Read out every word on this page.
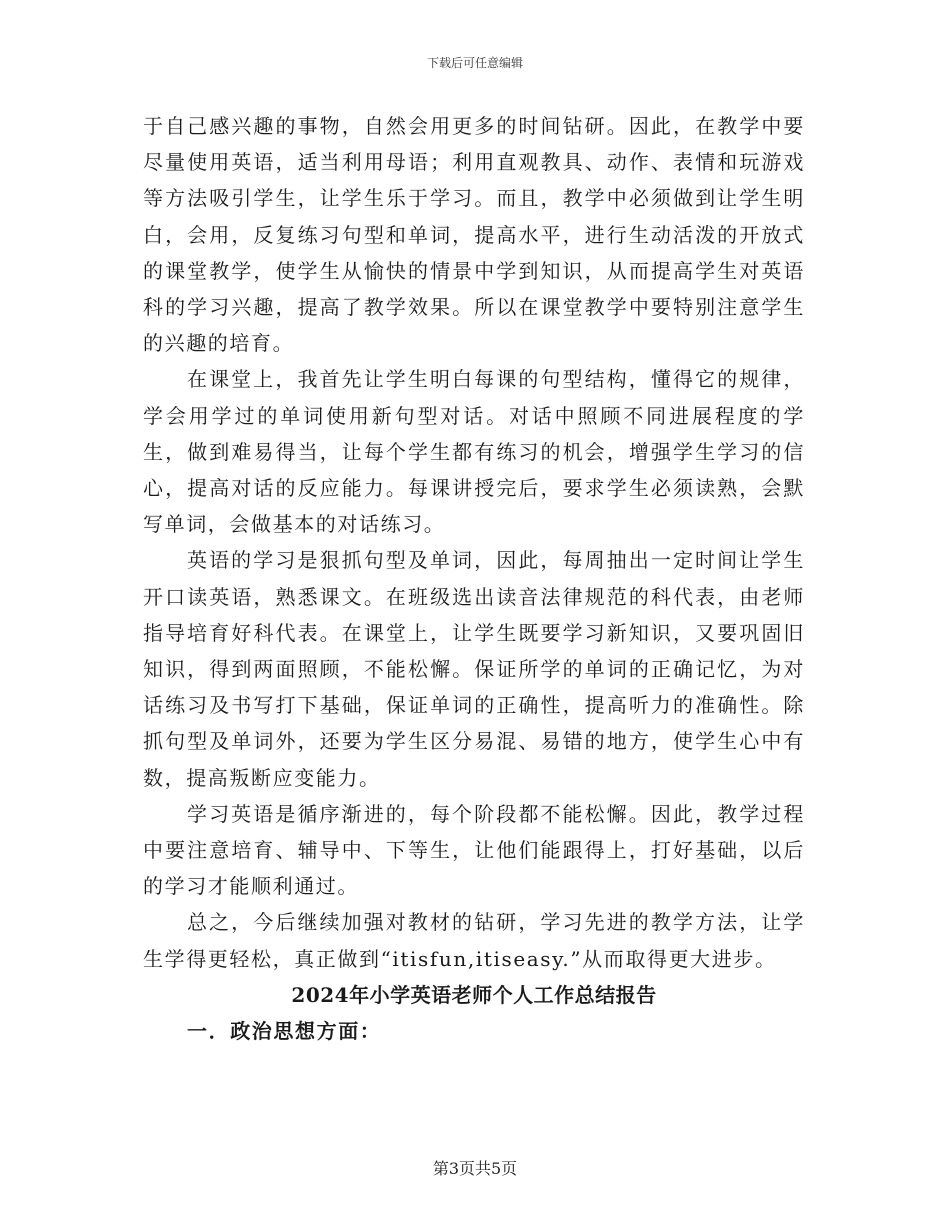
下载后可任意编辑

于自己感兴趣的事物，自然会用更多的时间钻研。因此，在教学中要尽量使用英语，适当利用母语；利用直观教具、动作、表情和玩游戏等方法吸引学生，让学生乐于学习。而且，教学中必须做到让学生明白，会用，反复练习句型和单词，提高水平，进行生动活泼的开放式的课堂教学，使学生从愉快的情景中学到知识，从而提高学生对英语科的学习兴趣，提高了教学效果。所以在课堂教学中要特别注意学生的兴趣的培育。

在课堂上，我首先让学生明白每课的句型结构，懂得它的规律，学会用学过的单词使用新句型对话。对话中照顾不同进展程度的学生，做到难易得当，让每个学生都有练习的机会，增强学生学习的信心，提高对话的反应能力。每课讲授完后，要求学生必须读熟，会默写单词，会做基本的对话练习。

英语的学习是狠抓句型及单词，因此，每周抽出一定时间让学生开口读英语，熟悉课文。在班级选出读音法律规范的科代表，由老师指导培育好科代表。在课堂上，让学生既要学习新知识，又要巩固旧知识，得到两面照顾，不能松懈。保证所学的单词的正确记忆，为对话练习及书写打下基础，保证单词的正确性，提高听力的准确性。除抓句型及单词外，还要为学生区分易混、易错的地方，使学生心中有数，提高叛断应变能力。

学习英语是循序渐进的，每个阶段都不能松懈。因此，教学过程中要注意培育、辅导中、下等生，让他们能跟得上，打好基础，以后的学习才能顺利通过。

总之，今后继续加强对教材的钻研，学习先进的教学方法，让学生学得更轻松，真正做到“itisfun,itiseasy.”从而取得更大进步。

2024年小学英语老师个人工作总结报告

一．政治思想方面：

第3页共5页
